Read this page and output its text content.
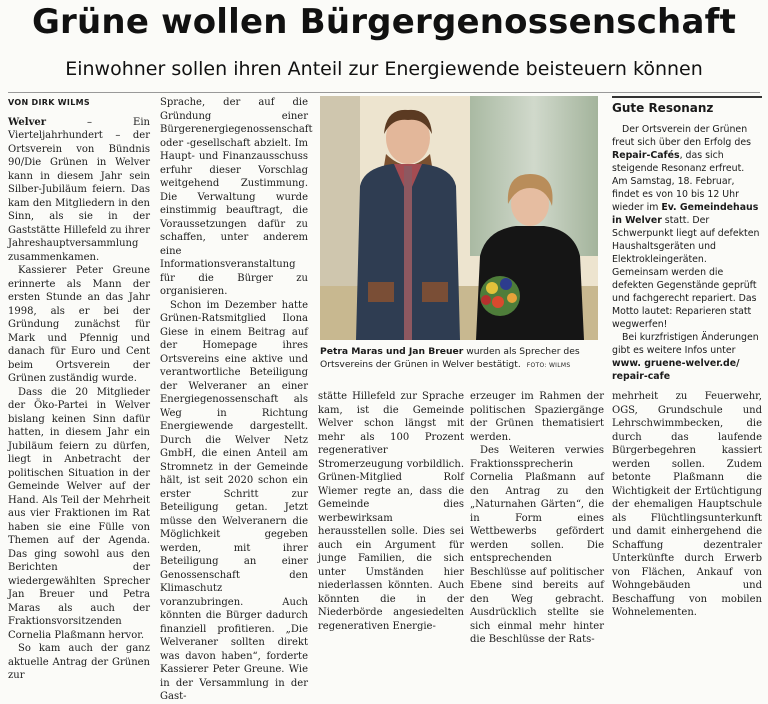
Grüne wollen Bürgergenossenschaft
Einwohner sollen ihren Anteil zur Energiewende beisteuern können
VON DIRK WILMS

Welver	– Ein Vierteljahrhundert – der Ortsverein von Bündnis 90/Die Grünen in Welver kann in diesem Jahr sein Silber-Jubiläum feiern. Das kam den Mitgliedern in den Sinn, als sie in der Gaststätte Hillefeld zu ihrer Jahreshauptversammlung zusammenkamen.

Kassierer Peter Greune erinnerte als Mann der ersten Stunde an das Jahr 1998, als er bei der Gründung zunächst für Mark und Pfennig und danach für Euro und Cent beim Ortsverein der Grünen zuständig wurde.

Dass die 20 Mitglieder der Öko-Partei in Welver bislang keinen Sinn dafür hatten, in diesem Jahr ein Jubiläum feiern zu dürfen, liegt in Anbetracht der politischen Situation in der Gemeinde Welver auf der Hand. Als Teil der Mehrheit aus vier Fraktionen im Rat haben sie eine Fülle von Themen auf der Agenda. Das ging sowohl aus den Berichten der wiedergewählten Sprecher Jan Breuer und Petra Maras als auch der Fraktionsvorsitzenden Cornelia Plaßmann hervor.

So kam auch der ganz aktuelle Antrag der Grünen zur

Sprache, der auf die Gründung einer Bürgerenergiegenossenschaft oder -gesellschaft abzielt. Im Haupt- und Finanzausschuss erfuhr dieser Vorschlag weitgehend Zustimmung. Die Verwaltung wurde einstimmig beauftragt, die Voraussetzungen dafür zu schaffen, unter anderem eine Informationsveranstaltung für die Bürger zu organisieren.

Schon im Dezember hatte Grünen-Ratsmitglied Ilona Giese in einem Beitrag auf der Homepage ihres Ortsvereins eine aktive und verantwortliche Beteiligung der Welveraner an einer Energiegenossenschaft als Weg in Richtung Energiewende dargestellt. Durch die Welver Netz GmbH, die einen Anteil am Stromnetz in der Gemeinde hält, ist seit 2020 schon ein erster Schritt zur Beteiligung getan. Jetzt müsse den Welveranern die Möglichkeit gegeben werden, mit ihrer Beteiligung an einer Genossenschaft den Klimaschutz voranzubringen. Auch könnten die Bürger dadurch finanziell profitieren. „Die Welveraner sollten direkt was davon haben“, forderte Kassierer Peter Greune. Wie in der Versammlung in der Gast-

Petra Maras und Jan Breuer wurden als Sprecher des Ortsvereins der Grünen in Welver bestätigt. FOTO: WILMS

stätte Hillefeld zur Sprache kam, ist die Gemeinde Welver schon längst mit mehr als 100 Prozent regenerativer Stromerzeugung vorbildlich. Grünen-Mitglied Rolf Wiemer regte an, dass die Gemeinde dies werbewirksam herausstellen solle. Dies sei auch ein Argument für junge Familien, die sich unter Umständen hier niederlassen könnten. Auch könnten die in der Niederbörde angesiedelten regenerativen Energie-

erzeuger im Rahmen der politischen Spaziergänge der Grünen thematisiert werden.

Des Weiteren verwies Fraktionssprecherin Cornelia Plaßmann auf den Antrag zu den „Naturnahen Gärten“, die in Form eines Wettbewerbs gefördert werden sollen. Die entsprechenden Beschlüsse auf politischer Ebene sind bereits auf den Weg gebracht. Ausdrücklich stellte sie sich einmal mehr hinter die Beschlüsse der Rats-

mehrheit zu Feuerwehr, OGS, Grundschule und Lehrschwimmbecken, die durch das laufende Bürgerbegehren kassiert werden sollen. Zudem betonte Plaßmann die Wichtigkeit der Ertüchtigung der ehemaligen Hauptschule als Flüchtlingsunterkunft und damit einhergehend die Schaffung dezentraler Unterkünfte durch Erwerb von Flächen, Ankauf von Wohngebäuden und Beschaffung von mobilen Wohnelementen.

Gute Resonanz

Der Ortsverein der Grünen freut sich über den Erfolg des Repair-Cafés, das sich steigende Resonanz erfreut. Am Samstag, 18. Februar, findet es von 10 bis 12 Uhr wieder im Ev. Gemeindehaus in Welver statt. Der Schwerpunkt liegt auf defekten Haushaltsgeräten und Elektrokleingeräten. Gemeinsam werden die defekten Gegenstände geprüft und fachgerecht repariert. Das Motto lautet: Reparieren statt wegwerfen!

Bei kurzfristigen Änderungen gibt es weitere Infos unter www. gruene-welver.de/ repair-cafe
